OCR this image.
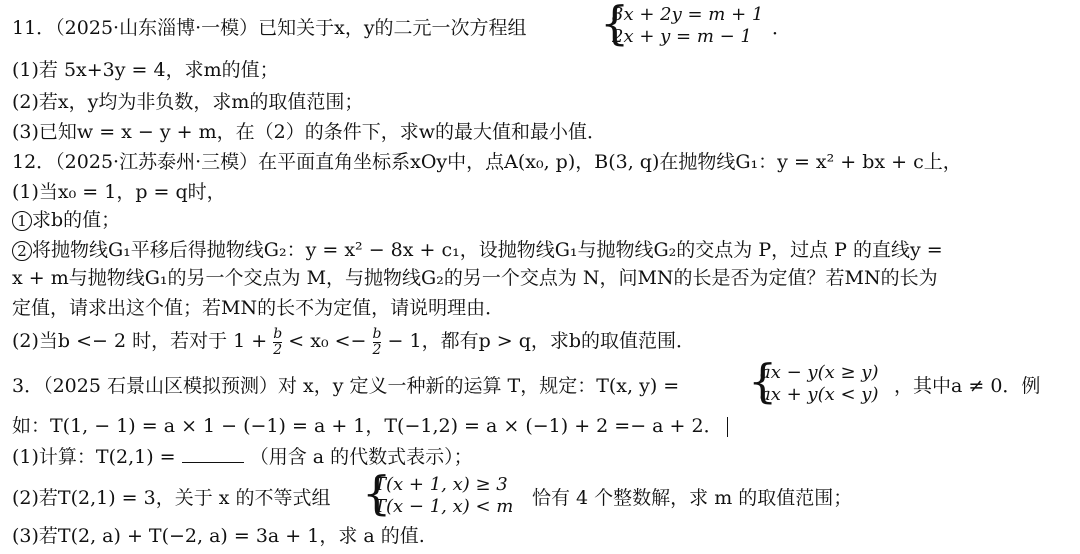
11．（2025·山东淄博·一模）已知关于x，y的二元一次方程组 {
3x + 2y = m + 1
2x + y = m − 1	．
(1)若 5x+3y = 4，求m的值；
(2)若x，y均为非负数，求m的取值范围；
(3)已知w = x − y + m，在（2）的条件下，求w的最大值和最小值．
12．（2025·江苏泰州·三模）在平面直角坐标系xOy中，点A(x₀, p)，B(3, q)在抛物线G₁：y = x² + bx + c上，
(1)当x₀ = 1，p = q时，
1 求b的值；
2 将抛物线G₁平移后得抛物线G₂：y = x² − 8x + c₁，设抛物线G₁与抛物线G₂的交点为 P，过点 P 的直线y =
x + m与抛物线G₁的另一个交点为 M，与抛物线G₂的另一个交点为 N，问MN的长是否为定值？若MN的长为
定值，请求出这个值；若MN的长不为定值，请说明理由．
(2)当b <− 2 时，若对于 $1 + \frac{b}{2} < x_0 <- \frac{b}{2} - 1$，都有p > q，求b的取值范围．
3．（2025 石景山区模拟预测）对 x，y 定义一种新的运算 T，规定：T(x, y) = {
ax − y(x ≥ y)
ax + y(x < y) ，其中a ≠ 0．例
如：T(1, − 1) = a × 1 − (−1) = a + 1，T(−1,2) = a × (−1) + 2 =− a + 2．
(1)计算：T(2,1) =	（用含 a 的代数式表示）；
(2)若T(2,1) = 3，关于 x 的不等式组 {
T(x + 1, x) ≥ 3
T(x − 1, x) < m 恰有 4 个整数解，求 m 的取值范围；
(3)若T(2, a) + T(−2, a) = 3a + 1，求 a 的值.
